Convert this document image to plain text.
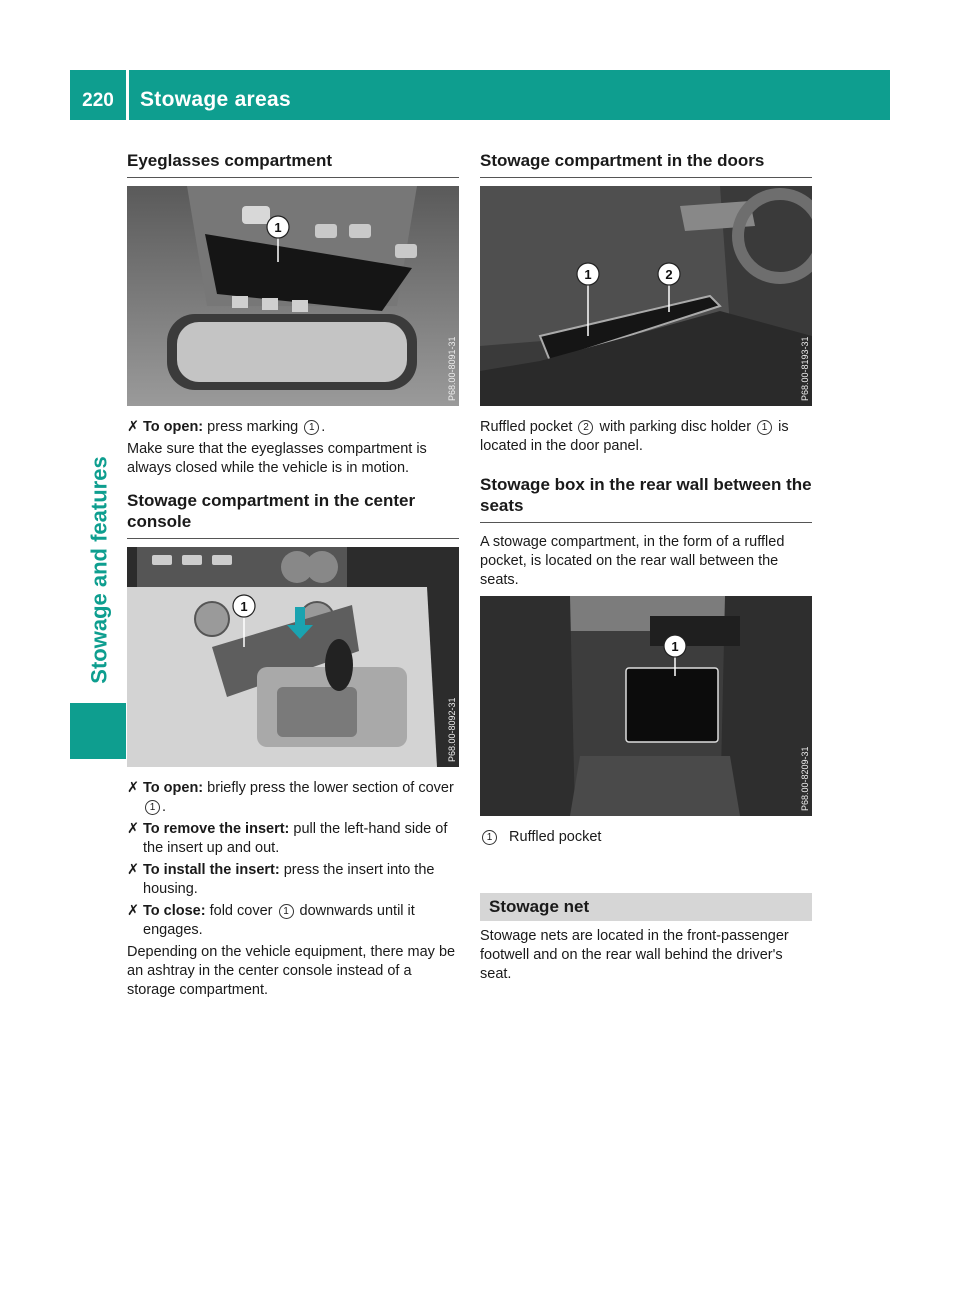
220	Stowage areas
Stowage and features
Eyeglasses compartment
1
P68.00-8091-31
✗ To open: press marking 1 .

Make sure that the eyeglasses compartment is always closed while the vehicle is in motion.

Stowage compartment in the center console
1
P68.00-8092-31
✗ To open: briefly press the lower section of cover 1 .
✗ To remove the insert: pull the left-hand side of the insert up and out.
✗ To install the insert: press the insert into the housing.
✗ To close: fold cover 1 downwards until it engages.

Depending on the vehicle equipment, there may be an ashtray in the center console instead of a storage compartment.

Stowage compartment in the doors
1	2
P68.00-8193-31

Ruffled pocket 2 with parking disc holder 1 is located in the door panel.

Stowage box in the rear wall between the seats

A stowage compartment, in the form of a ruffled pocket, is located on the rear wall between the seats.

1
P68.00-8209-31
1 Ruffled pocket
Stowage net

Stowage nets are located in the front-passenger footwell and on the rear wall behind the driver's seat.
